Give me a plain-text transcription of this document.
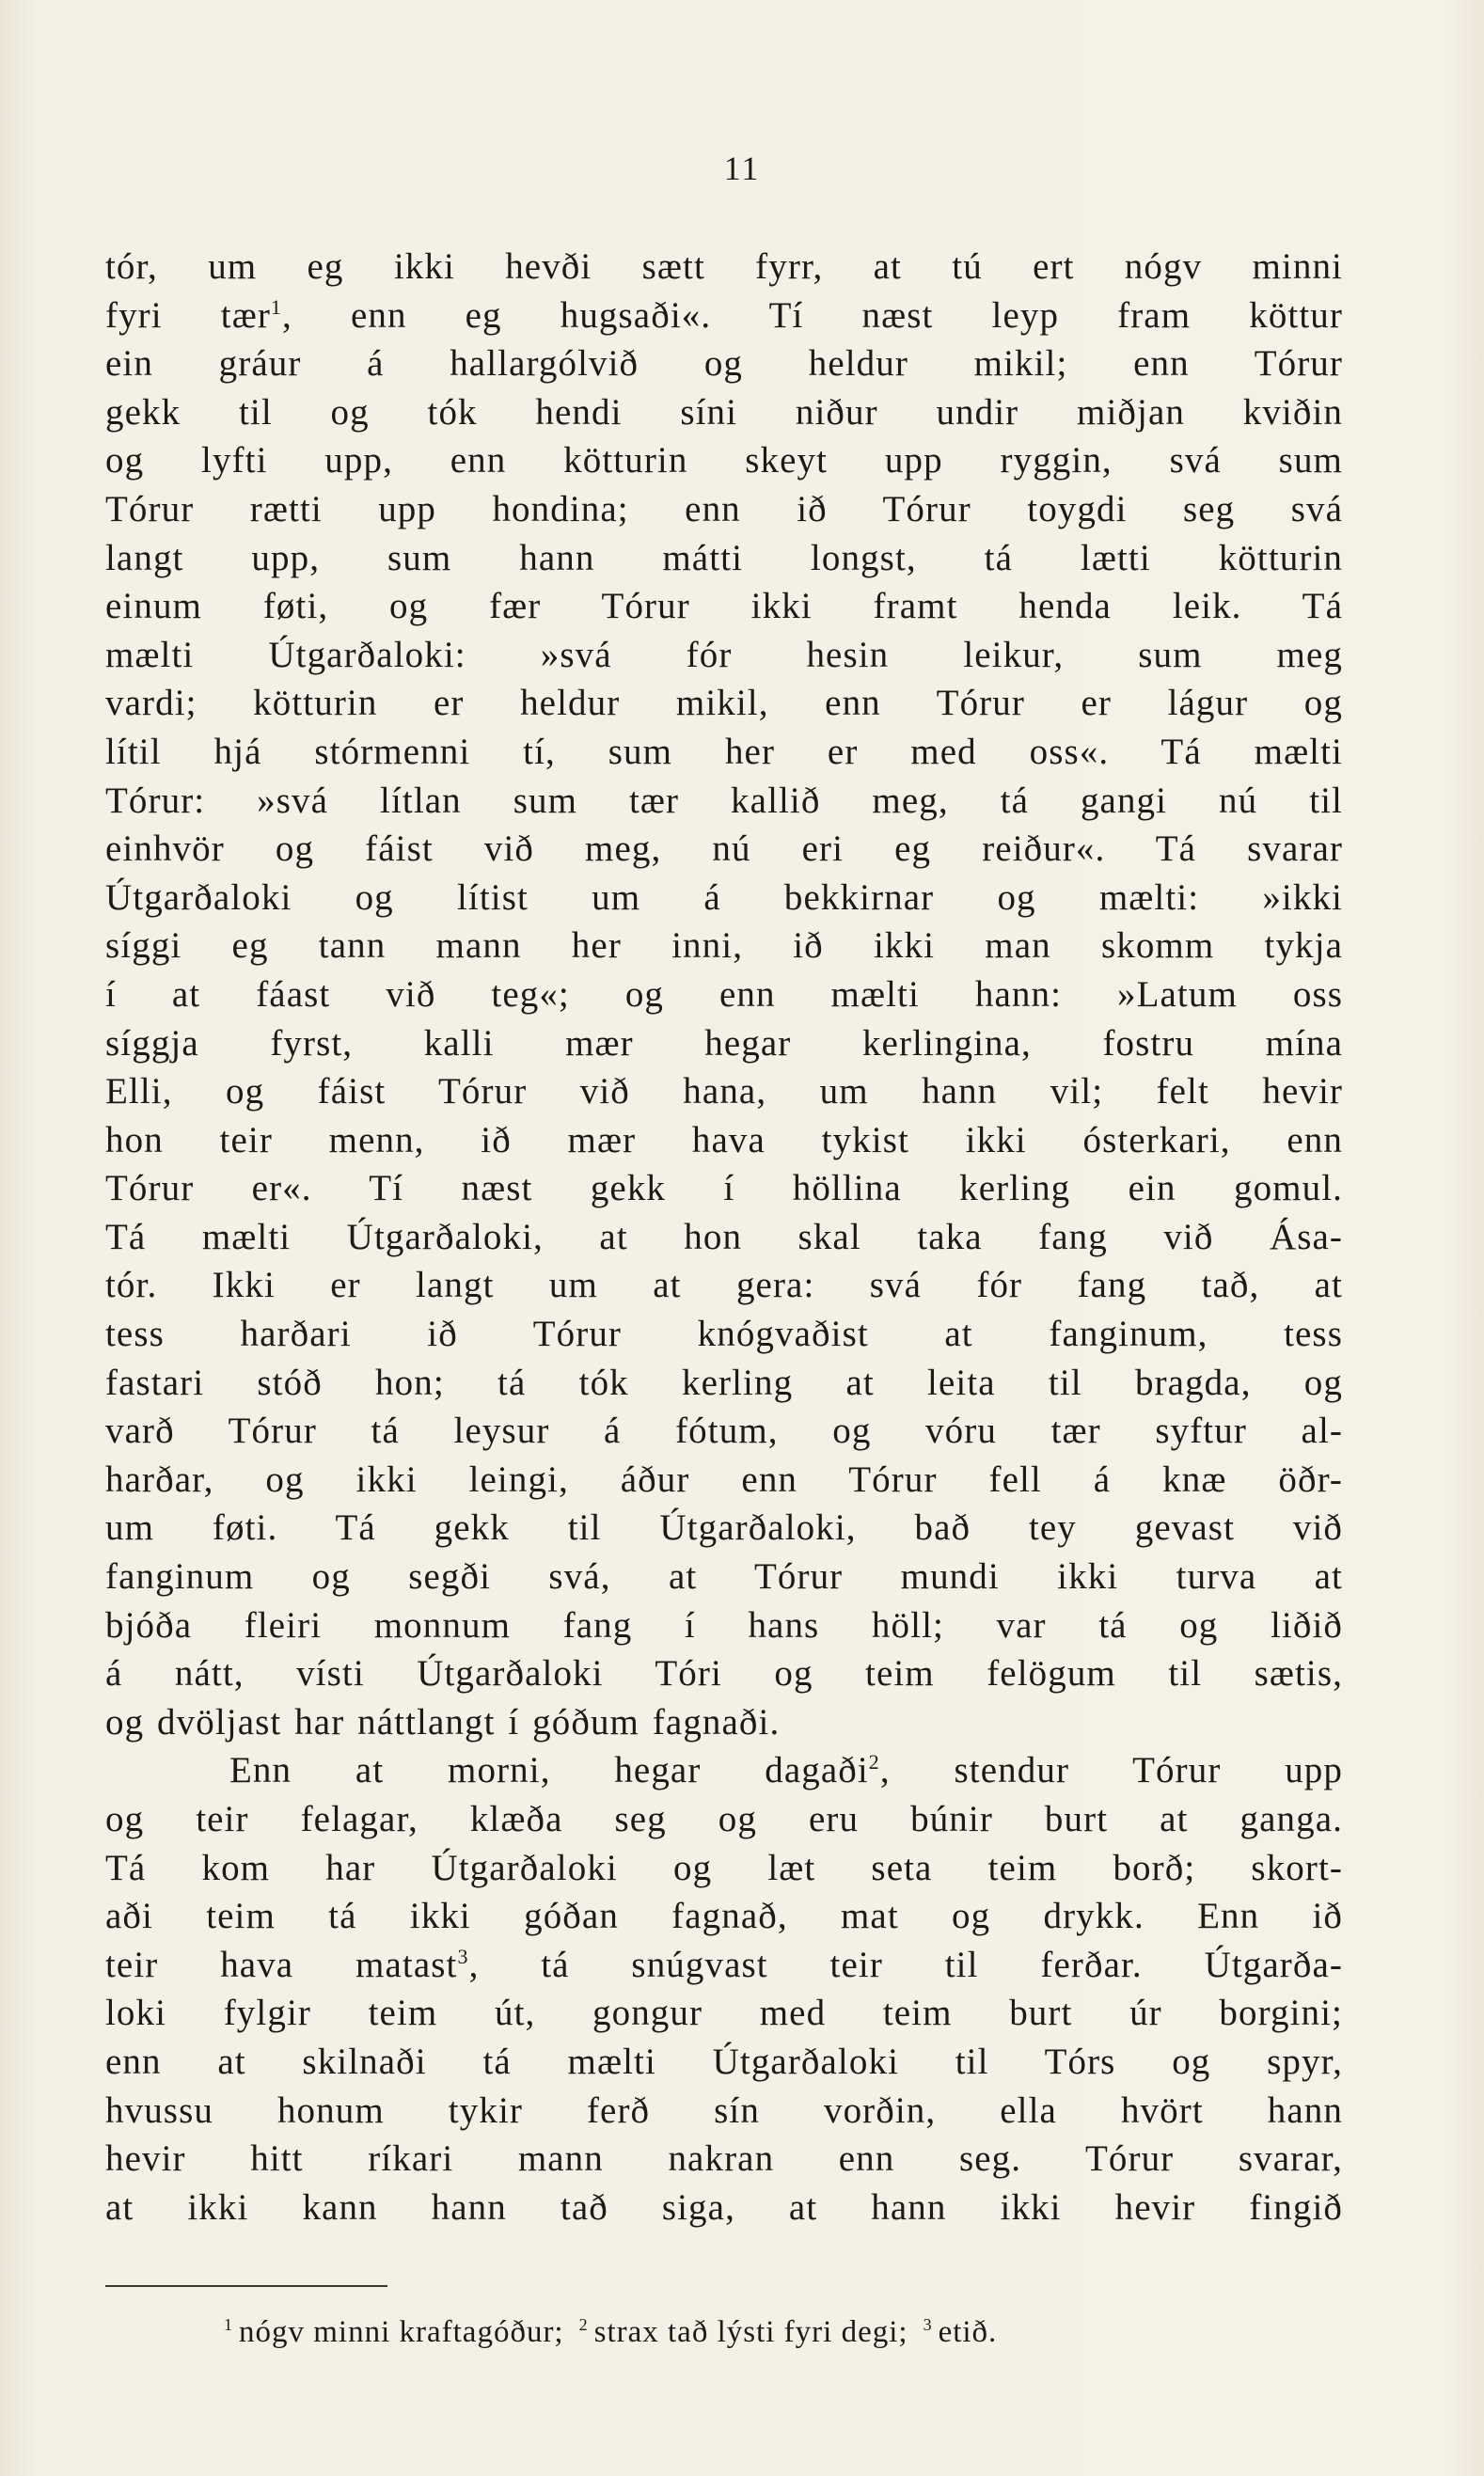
11
tór, um eg ikki hevði sætt fyrr, at tú ert nógv minni
fyri tær$^1$, enn eg hugsaði«. Tí næst leyp fram köttur
ein gráur á hallargólvið og heldur mikil; enn Tórur
gekk til og tók hendi síni niður undir miðjan kviðin
og lyfti upp, enn kötturin skeyt upp ryggin, svá sum
Tórur rætti upp hondina; enn ið Tórur toygdi seg svá
langt upp, sum hann mátti longst, tá lætti kötturin
einum føti, og fær Tórur ikki framt henda leik. Tá
mælti Útgarðaloki: »svá fór hesin leikur, sum meg
vardi; kötturin er heldur mikil, enn Tórur er lágur og
lítil hjá stórmenni tí, sum her er med oss«. Tá mælti
Tórur: »svá lítlan sum tær kallið meg, tá gangi nú til
einhvör og fáist við meg, nú eri eg reiður«. Tá svarar
Útgarðaloki og lítist um á bekkirnar og mælti: »ikki
síggi eg tann mann her inni, ið ikki man skomm tykja
í at fáast við teg«; og enn mælti hann: »Latum oss
síggja fyrst, kalli mær hegar kerlingina, fostru mína
Elli, og fáist Tórur við hana, um hann vil; felt hevir
hon teir menn, ið mær hava tykist ikki ósterkari, enn
Tórur er«. Tí næst gekk í höllina kerling ein gomul.
Tá mælti Útgarðaloki, at hon skal taka fang við Ása-
tór. Ikki er langt um at gera: svá fór fang tað, at
tess harðari ið Tórur knógvaðist at fanginum, tess
fastari stóð hon; tá tók kerling at leita til bragda, og
varð Tórur tá leysur á fótum, og vóru tær syftur al-
harðar, og ikki leingi, áður enn Tórur fell á knæ öðr-
um føti. Tá gekk til Útgarðaloki, bað tey gevast við
fanginum og segði svá, at Tórur mundi ikki turva at
bjóða fleiri monnum fang í hans höll; var tá og liðið
á nátt, vísti Útgarðaloki Tóri og teim felögum til sætis,
og dvöljast har náttlangt í góðum fagnaði.
Enn at morni, hegar dagaði$^2$, stendur Tórur upp
og teir felagar, klæða seg og eru búnir burt at ganga.
Tá kom har Útgarðaloki og læt seta teim borð; skort-
aði teim tá ikki góðan fagnað, mat og drykk. Enn ið
teir hava matast$^3$, tá snúgvast teir til ferðar. Útgarða-
loki fylgir teim út, gongur med teim burt úr borgini;
enn at skilnaði tá mælti Útgarðaloki til Tórs og spyr,
hvussu honum tykir ferð sín vorðin, ella hvört hann
hevir hitt ríkari mann nakran enn seg. Tórur svarar,
at ikki kann hann tað siga, at hann ikki hevir fingið
$^1$ nógv minni kraftagóður; $^2$ strax tað lýsti fyri degi; $^3$ etið.
